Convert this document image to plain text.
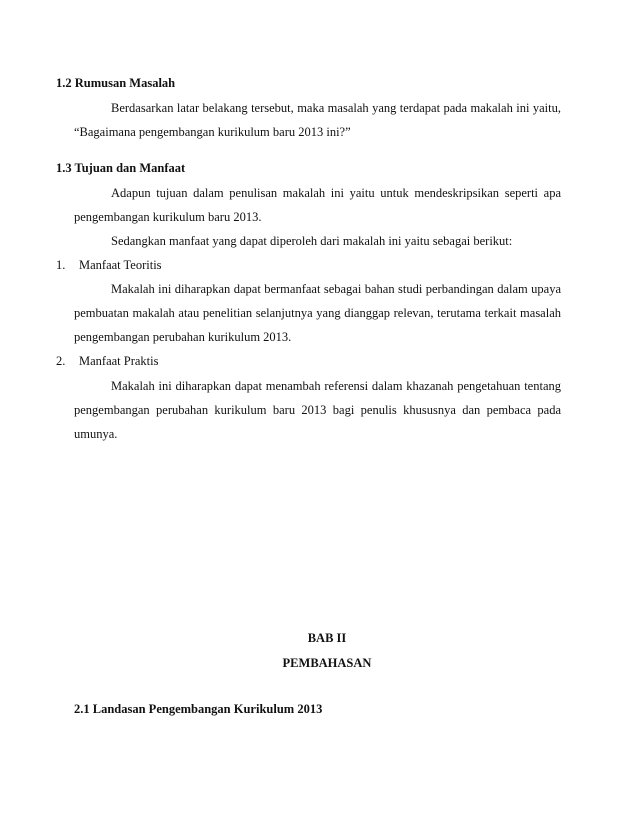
1.2 Rumusan Masalah
Berdasarkan latar belakang tersebut, maka masalah yang terdapat pada makalah ini yaitu,
“Bagaimana pengembangan kurikulum baru 2013 ini?”
1.3 Tujuan dan Manfaat
Adapun tujuan dalam penulisan makalah ini yaitu untuk mendeskripsikan seperti apa
pengembangan kurikulum baru 2013.
Sedangkan manfaat yang dapat diperoleh dari makalah ini yaitu sebagai berikut:
1. Manfaat Teoritis
Makalah ini diharapkan dapat bermanfaat sebagai bahan studi perbandingan dalam upaya
pembuatan makalah atau penelitian selanjutnya yang dianggap relevan, terutama terkait masalah
pengembangan perubahan kurikulum 2013.
2. Manfaat Praktis
Makalah ini diharapkan dapat menambah referensi dalam khazanah pengetahuan tentang
pengembangan perubahan kurikulum baru 2013 bagi penulis khususnya dan pembaca pada
umunya.
BAB II
PEMBAHASAN
2.1 Landasan Pengembangan Kurikulum 2013
